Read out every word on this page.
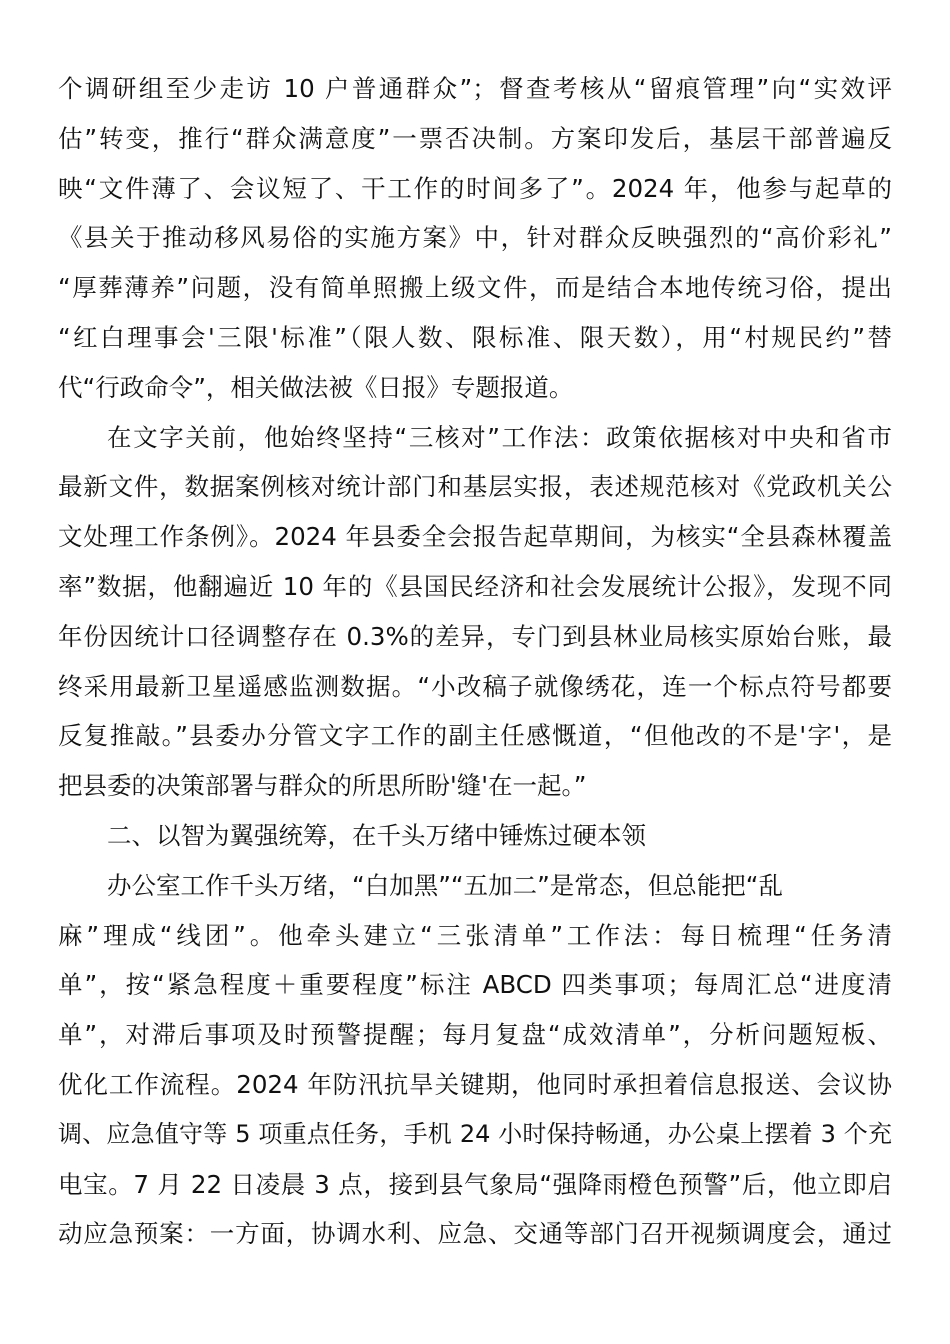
个调研组至少走访 10 户普通群众”；督查考核从“留痕管理”向“实效评
估”转变，推行“群众满意度”一票否决制。方案印发后，基层干部普遍反
映“文件薄了、会议短了、干工作的时间多了”。2024 年，他参与起草的
《县关于推动移风易俗的实施方案》中，针对群众反映强烈的“高价彩礼”
“厚葬薄养”问题，没有简单照搬上级文件，而是结合本地传统习俗，提出
“红白理事会'三限'标准”（限人数、限标准、限天数），用“村规民约”替
代“行政命令”，相关做法被《日报》专题报道。
在文字关前，他始终坚持“三核对”工作法：政策依据核对中央和省市
最新文件，数据案例核对统计部门和基层实报，表述规范核对《党政机关公
文处理工作条例》。2024 年县委全会报告起草期间，为核实“全县森林覆盖
率”数据，他翻遍近 10 年的《县国民经济和社会发展统计公报》，发现不同
年份因统计口径调整存在 0.3%的差异，专门到县林业局核实原始台账，最
终采用最新卫星遥感监测数据。“小改稿子就像绣花，连一个标点符号都要
反复推敲。”县委办分管文字工作的副主任感慨道，“但他改的不是'字'，是
把县委的决策部署与群众的所思所盼'缝'在一起。”
二、以智为翼强统筹，在千头万绪中锤炼过硬本领
办公室工作千头万绪，“白加黑”“五加二”是常态，但总能把“乱
麻”理成“线团”。他牵头建立“三张清单”工作法：每日梳理“任务清
单”，按“紧急程度＋重要程度”标注 ABCD 四类事项；每周汇总“进度清
单”，对滞后事项及时预警提醒；每月复盘“成效清单”，分析问题短板、
优化工作流程。2024 年防汛抗旱关键期，他同时承担着信息报送、会议协
调、应急值守等 5 项重点任务，手机 24 小时保持畅通，办公桌上摆着 3 个充
电宝。7 月 22 日凌晨 3 点，接到县气象局“强降雨橙色预警”后，他立即启
动应急预案：一方面，协调水利、应急、交通等部门召开视频调度会，通过
